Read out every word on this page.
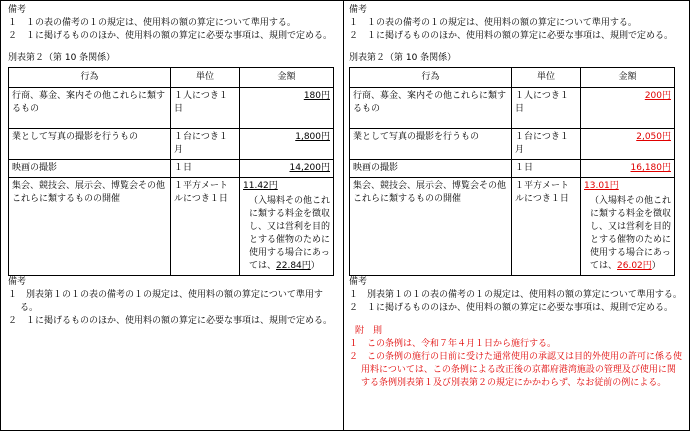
備考
１　１の表の備考の１の規定は、使用料の額の算定について準用する。
２　１に掲げるもののほか、使用料の額の算定に必要な事項は、規則で定める。
別表第２（第 10 条関係）
行為	単位	金額
行商、募金、案内その他これらに類するもの	１人につき１日	180円
業として写真の撮影を行うもの	１台につき１月	1,800円
映画の撮影	１日	14,200円
集会、競技会、展示会、博覧会その他これらに類するものの開催	１平方メートルにつき１日	11.42円
（入場料その他これに類する料金を徴収し、又は営利を目的とする催物のために使用する場合にあっては、22.84円）
備考
１　別表第１の１の表の備考の１の規定は、使用料の額の算定について準用する。
２　１に掲げるもののほか、使用料の額の算定に必要な事項は、規則で定める。
備考
１　１の表の備考の１の規定は、使用料の額の算定について準用する。
２　１に掲げるもののほか、使用料の額の算定に必要な事項は、規則で定める。
別表第２（第 10 条関係）
行為	単位	金額
行商、募金、案内その他これらに類するもの	１人につき１日	200円
業として写真の撮影を行うもの	１台につき１月	2,050円
映画の撮影	１日	16,180円
集会、競技会、展示会、博覧会その他これらに類するものの開催	１平方メートルにつき１日	13.01円
（入場料その他これに類する料金を徴収し、又は営利を目的とする催物のために使用する場合にあっては、26.02円）
備考
１　別表第１の１の表の備考の１の規定は、使用料の額の算定について準用する。
２　１に掲げるもののほか、使用料の額の算定に必要な事項は、規則で定める。
附　則
１　この条例は、令和７年４月１日から施行する。
２　この条例の施行の日前に受けた通常使用の承認又は目的外使用の許可に係る使用料については、この条例による改正後の京都府港湾施設の管理及び使用に関する条例別表第１及び別表第２の規定にかかわらず、なお従前の例による。
